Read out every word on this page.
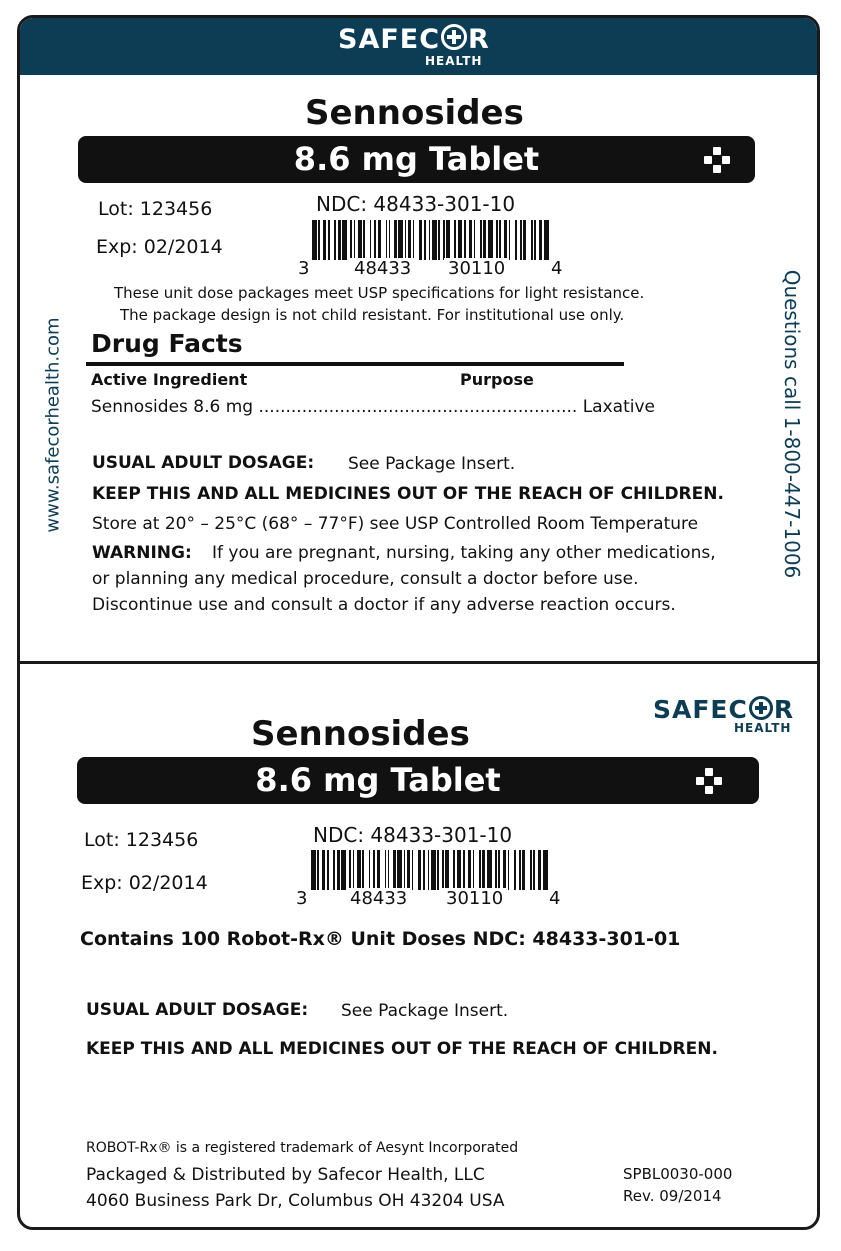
SAFEC R
HEALTH
www.safecorhealth.com	Questions call 1-800-447-1006
Sennosides
8.6 mg Tablet
Lot: 123456
Exp: 02/2014
NDC: 48433-301-10
3 48433 30110	4
These unit dose packages meet USP specifications for light resistance.
The package design is not child resistant. For institutional use only.
Drug Facts
Active Ingredient	Purpose
Sennosides 8.6 mg ........................................................... Laxative
USUAL ADULT DOSAGE: See Package Insert.
KEEP THIS AND ALL MEDICINES OUT OF THE REACH OF CHILDREN.
Store at 20° – 25°C (68° – 77°F) see USP Controlled Room Temperature
WARNING: If you are pregnant, nursing, taking any other medications,
or planning any medical procedure, consult a doctor before use.
Discontinue use and consult a doctor if any adverse reaction occurs.
SAFEC R
HEALTH
Sennosides
8.6 mg Tablet
Lot: 123456
Exp: 02/2014
NDC: 48433-301-10
3 48433 30110	4
Contains 100 Robot-Rx® Unit Doses NDC: 48433-301-01
USUAL ADULT DOSAGE: See Package Insert.
KEEP THIS AND ALL MEDICINES OUT OF THE REACH OF CHILDREN.
ROBOT-Rx® is a registered trademark of Aesynt Incorporated
Packaged & Distributed by Safecor Health, LLC
4060 Business Park Dr, Columbus OH 43204 USA
SPBL0030-000
Rev. 09/2014
